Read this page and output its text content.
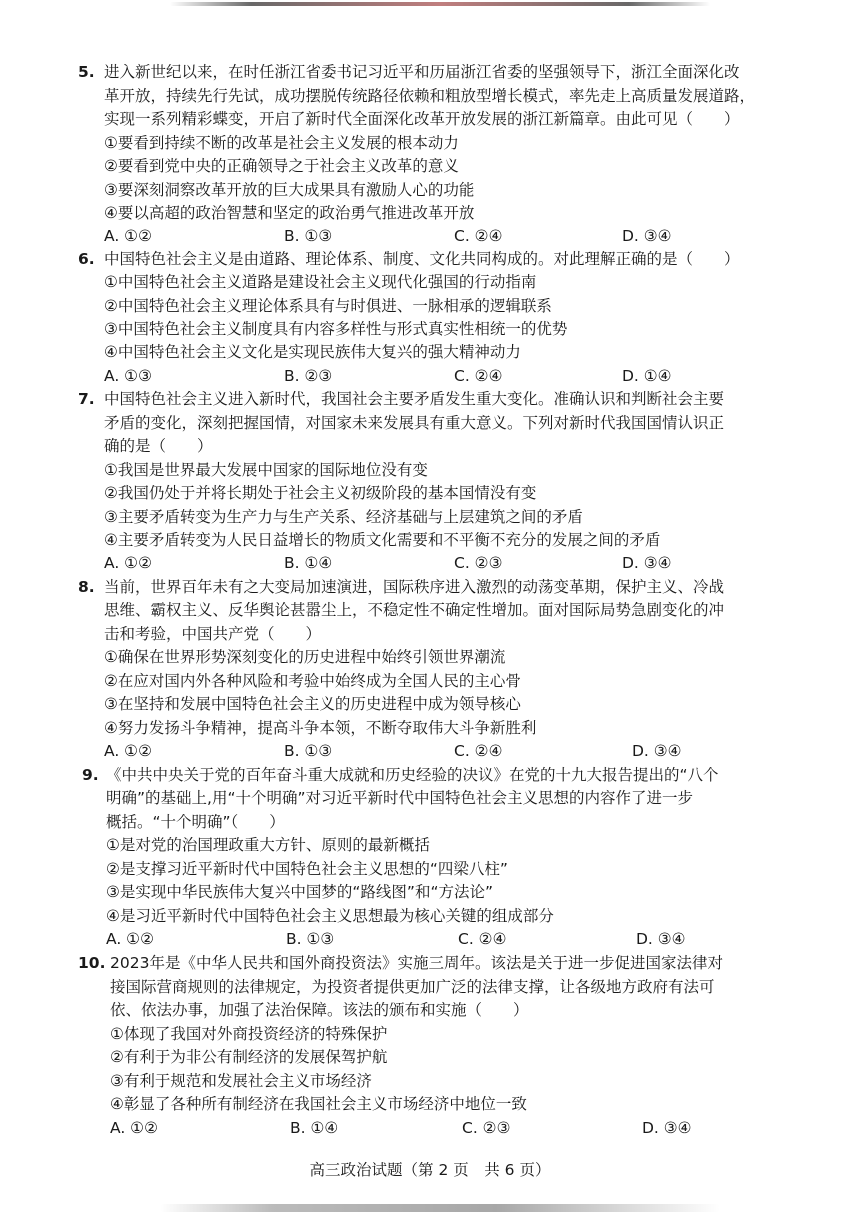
5. 进入新世纪以来，在时任浙江省委书记习近平和历届浙江省委的坚强领导下，浙江全面深化改
革开放，持续先行先试，成功摆脱传统路径依赖和粗放型增长模式，率先走上高质量发展道路，
实现一系列精彩蝶变，开启了新时代全面深化改革开放发展的浙江新篇章。由此可见（　　）
①要看到持续不断的改革是社会主义发展的根本动力
②要看到党中央的正确领导之于社会主义改革的意义
③要深刻洞察改革开放的巨大成果具有激励人心的功能
④要以高超的政治智慧和坚定的政治勇气推进改革开放
A. ①②	B. ①③	C. ②④	D. ③④
6. 中国特色社会主义是由道路、理论体系、制度、文化共同构成的。对此理解正确的是（　　）
①中国特色社会主义道路是建设社会主义现代化强国的行动指南
②中国特色社会主义理论体系具有与时俱进、一脉相承的逻辑联系
③中国特色社会主义制度具有内容多样性与形式真实性相统一的优势
④中国特色社会主义文化是实现民族伟大复兴的强大精神动力
A. ①③	B. ②③	C. ②④	D. ①④
7. 中国特色社会主义进入新时代，我国社会主要矛盾发生重大变化。准确认识和判断社会主要
矛盾的变化，深刻把握国情，对国家未来发展具有重大意义。下列对新时代我国国情认识正
确的是（　　）
①我国是世界最大发展中国家的国际地位没有变
②我国仍处于并将长期处于社会主义初级阶段的基本国情没有变
③主要矛盾转变为生产力与生产关系、经济基础与上层建筑之间的矛盾
④主要矛盾转变为人民日益增长的物质文化需要和不平衡不充分的发展之间的矛盾
A. ①②	B. ①④	C. ②③	D. ③④
8. 当前，世界百年未有之大变局加速演进，国际秩序进入激烈的动荡变革期，保护主义、冷战
思维、霸权主义、反华舆论甚嚣尘上，不稳定性不确定性增加。面对国际局势急剧变化的冲
击和考验，中国共产党（　　）
①确保在世界形势深刻变化的历史进程中始终引领世界潮流
②在应对国内外各种风险和考验中始终成为全国人民的主心骨
③在坚持和发展中国特色社会主义的历史进程中成为领导核心
④努力发扬斗争精神，提高斗争本领，不断夺取伟大斗争新胜利
A. ①②	B. ①③	C. ②④	D. ③④
9. 《中共中央关于党的百年奋斗重大成就和历史经验的决议》在党的十九大报告提出的“八个
明确”的基础上,用“十个明确”对习近平新时代中国特色社会主义思想的内容作了进一步
概括。“十个明确”（　　）
①是对党的治国理政重大方针、原则的最新概括
②是支撑习近平新时代中国特色社会主义思想的“四梁八柱”
③是实现中华民族伟大复兴中国梦的“路线图”和“方法论”
④是习近平新时代中国特色社会主义思想最为核心关键的组成部分
A. ①②	B. ①③	C. ②④	D. ③④
10. 2023年是《中华人民共和国外商投资法》实施三周年。该法是关于进一步促进国家法律对
接国际营商规则的法律规定，为投资者提供更加广泛的法律支撑，让各级地方政府有法可
依、依法办事，加强了法治保障。该法的颁布和实施（　　）
①体现了我国对外商投资经济的特殊保护
②有利于为非公有制经济的发展保驾护航
③有利于规范和发展社会主义市场经济
④彰显了各种所有制经济在我国社会主义市场经济中地位一致
A. ①②	B. ①④	C. ②③	D. ③④
高三政治试题（第 2 页　共 6 页）
